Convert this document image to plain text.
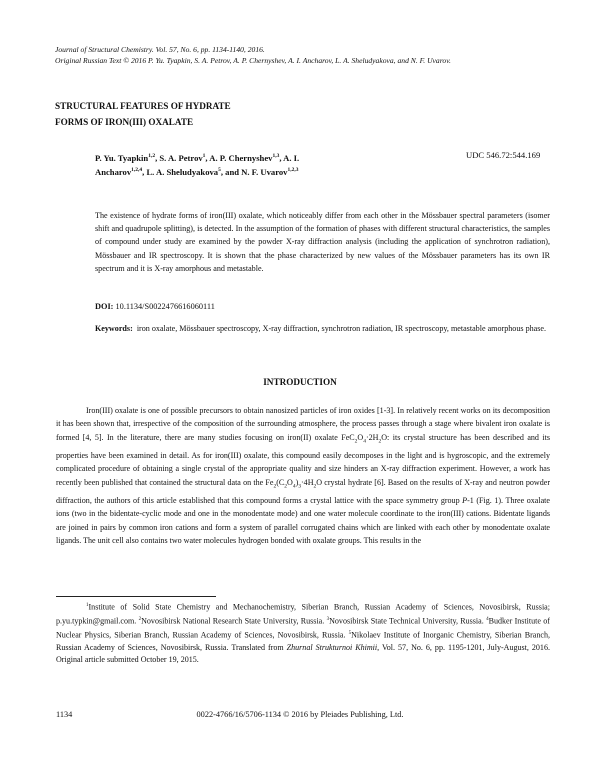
Journal of Structural Chemistry. Vol. 57, No. 6, pp. 1134-1140, 2016.
Original Russian Text © 2016 P. Yu. Tyapkin, S. A. Petrov, A. P. Chernyshev, A. I. Ancharov, L. A. Sheludyakova, and N. F. Uvarov.
STRUCTURAL FEATURES OF HYDRATE
FORMS OF IRON(III) OXALATE
P. Yu. Tyapkin$^{1,2}$, S. A. Petrov$^1$, A. P. Chernyshev$^{1,3}$, A. I. Ancharov$^{1,2,4}$, L. A. Sheludyakova$^5$, and N. F. Uvarov$^{1,2,3}$
UDC 546.72:544.169
The existence of hydrate forms of iron(III) oxalate, which noticeably differ from each other in the Mössbauer spectral parameters (isomer shift and quadrupole splitting), is detected. In the assumption of the formation of phases with different structural characteristics, the samples of compound under study are examined by the powder X-ray diffraction analysis (including the application of synchrotron radiation), Mössbauer and IR spectroscopy. It is shown that the phase characterized by new values of the Mössbauer parameters has its own IR spectrum and it is X-ray amorphous and metastable.
DOI: 10.1134/S0022476616060111
Keywords: iron oxalate, Mössbauer spectroscopy, X-ray diffraction, synchrotron radiation, IR spectroscopy, metastable amorphous phase.
INTRODUCTION

Iron(III) oxalate is one of possible precursors to obtain nanosized particles of iron oxides [1-3]. In relatively recent works on its decomposition it has been shown that, irrespective of the composition of the surrounding atmosphere, the process passes through a stage where bivalent iron oxalate is formed [4, 5]. In the literature, there are many studies focusing on iron(II) oxalate $FeC_2O_4\cdot 2H_2O$: its crystal structure has been described and its properties have been examined in detail. As for iron(III) oxalate, this compound easily decomposes in the light and is hygroscopic, and the extremely complicated procedure of obtaining a single crystal of the appropriate quality and size hinders an X-ray diffraction experiment. However, a work has recently been published that contained the structural data on the $Fe_2(C_2O_4)_3\cdot 4H_2O$ crystal hydrate [6]. Based on the results of X-ray and neutron powder diffraction, the authors of this article established that this compound forms a crystal lattice with the space symmetry group P-1 (Fig. 1). Three oxalate ions (two in the bidentate-cyclic mode and one in the monodentate mode) and one water molecule coordinate to the iron(III) cations. Bidentate ligands are joined in pairs by common iron cations and form a system of parallel corrugated chains which are linked with each other by monodentate oxalate ligands. The unit cell also contains two water molecules hydrogen bonded with oxalate groups. This results in the

$^1$Institute of Solid State Chemistry and Mechanochemistry, Siberian Branch, Russian Academy of Sciences, Novosibirsk, Russia; p.yu.typkin@gmail.com. $^2$Novosibirsk National Research State University, Russia. $^3$Novosibirsk State Technical University, Russia. $^4$Budker Institute of Nuclear Physics, Siberian Branch, Russian Academy of Sciences, Novosibirsk, Russia. $^5$Nikolaev Institute of Inorganic Chemistry, Siberian Branch, Russian Academy of Sciences, Novosibirsk, Russia. Translated from Zhurnal Strukturnoi Khimii, Vol. 57, No. 6, pp. 1195-1201, July-August, 2016. Original article submitted October 19, 2015.

1134	0022-4766/16/5706-1134 © 2016 by Pleiades Publishing, Ltd.
